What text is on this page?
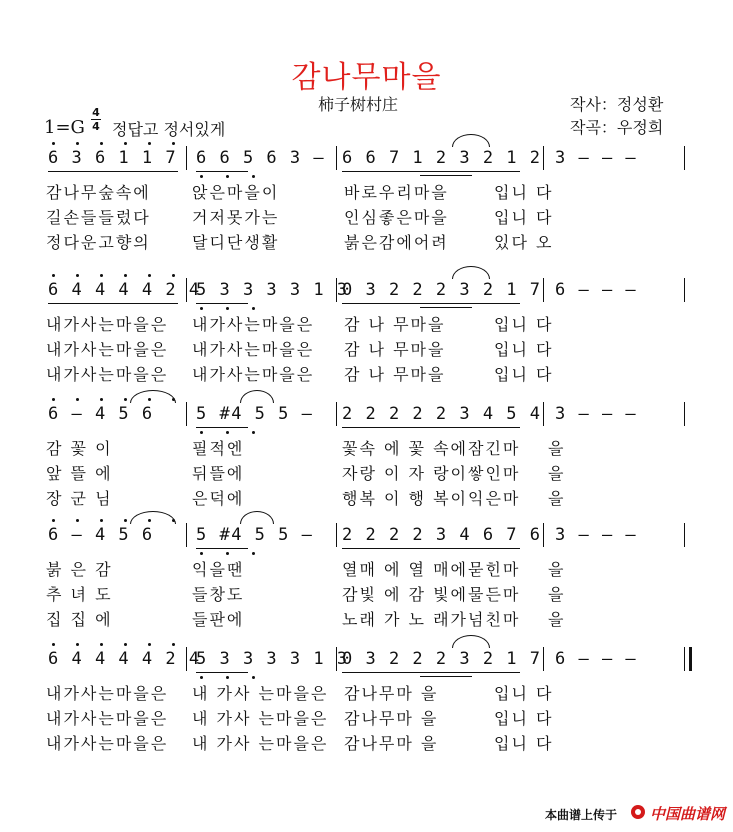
감나무마을
柿子树村庄	작사：정성환
작곡：우정희
1=G
4
4 정답고 정서있게
6 3 6 1 1 7 6 6 5 6 3 – 6 6 7 1 2 3 2 1 2 3 – – –
감나무숲속에	앉은마을이	바로우리마을	입니 다
길손들들렀다	거저못가는	인심좋은마을	입니 다
정다운고향의	달디단생활	붉은감에어려	있다 오
6 4 4 4 4 2 4
5 3 3 3 3 1 3
0 3 2 2 2 3 2 1 7 6 – – –
내가사는마을은 내가사는마을은 감 나 무마을	입니 다
내가사는마을은 내가사는마을은 감 나 무마을	입니 다
내가사는마을은 내가사는마을은 감 나 무마을	입니 다
6 – 4 5 6 5 #4 5 5 – 2 2 2 2 2 3 4 5 4 3 – – –
감 꽃 이	필적엔	꽃속 에 꽃 속에잠긴마 을
앞 뜰 에	뒤뜰에	자랑 이 자 랑이쌓인마 을
장 군 님	은덕에	행복 이 행 복이익은마 을
6 – 4 5 6 5 #4 5 5 – 2 2 2 2 3 4 6 7 6 3 – – –
붉 은 감	익을땐	열매 에 열 매에묻힌마 을
추 녀 도	들창도	감빛 에 감 빛에물든마 을
집 집 에	들판에	노래 가 노 래가넘친마 을
6 4 4 4 4 2 4
5 3 3 3 3 1 3
0 3 2 2 2 3 2 1 7 6 – – –
내가사는마을은 내 가사 는마을은 감나무마 을	입니 다
내가사는마을은 내 가사 는마을은 감나무마 을	입니 다
내가사는마을은 내 가사 는마을은 감나무마 을	입니 다
本曲谱上传于 中国曲谱网
